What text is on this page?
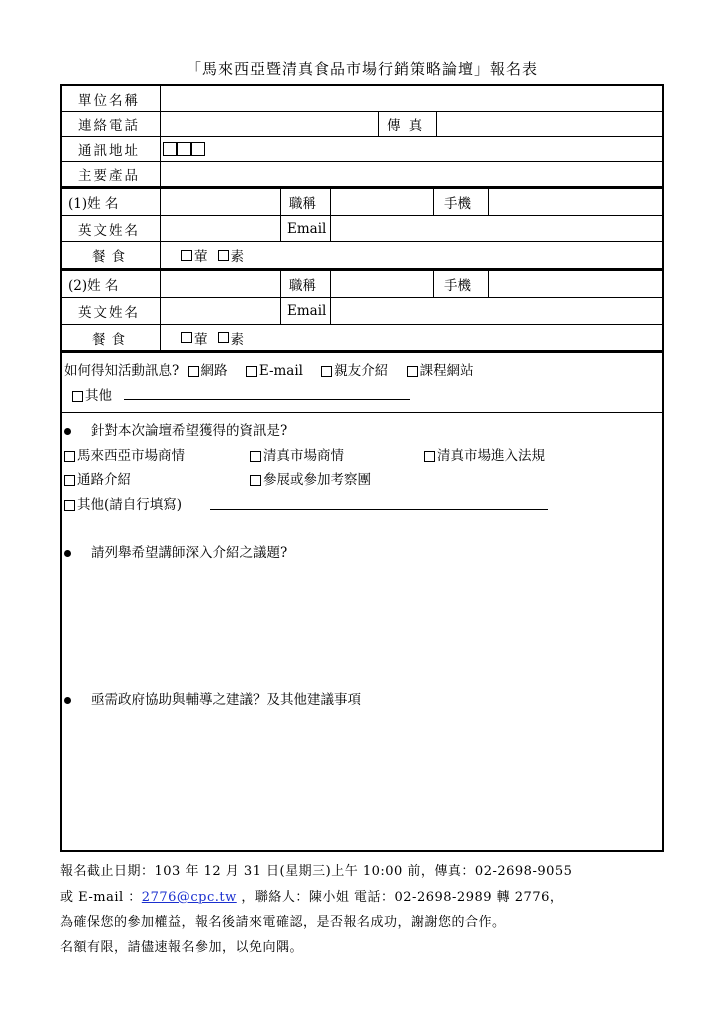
「馬來西亞暨清真食品市場行銷策略論壇」報名表
單位名稱
連絡電話	傳 真
通訊地址
主要產品
(1)姓 名	職稱	手機
英文姓名	Email
餐食	葷 素
(2)姓 名	職稱	手機
英文姓名	Email
餐食	葷 素
如何得知活動訊息? 網路 E-mail 親友介紹 課程網站
其他
針對本次論壇希望獲得的資訊是?
馬來西亞市場商情	清真市場商情	清真市場進入法規
通路介紹	參展或參加考察團
其他(請自行填寫)
請列舉希望講師深入介紹之議題?
亟需政府協助與輔導之建議？及其他建議事項
報名截止日期：103 年 12 月 31 日(星期三)上午 10:00 前，傳真：02-2698-9055
或 E-mail ：2776@cpc.tw ，聯絡人：陳小姐 電話：02-2698-2989 轉 2776，
為確保您的參加權益，報名後請來電確認，是否報名成功，謝謝您的合作。
名額有限，請儘速報名參加，以免向隅。
